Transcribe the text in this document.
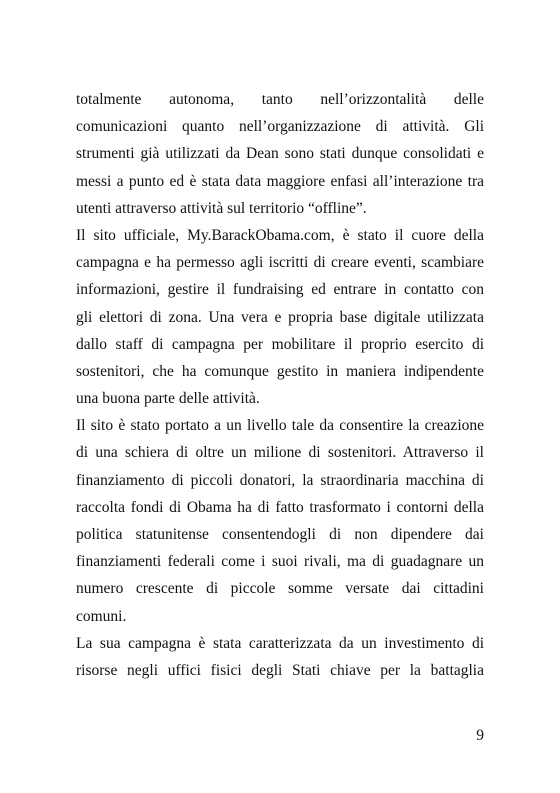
totalmente autonoma, tanto nell’orizzontalità delle
comunicazioni quanto nell’organizzazione di attività. Gli
strumenti già utilizzati da Dean sono stati dunque consolidati e
messi a punto ed è stata data maggiore enfasi all’interazione tra
utenti attraverso attività sul territorio “offline”.
Il sito ufficiale, My.BarackObama.com, è stato il cuore della
campagna e ha permesso agli iscritti di creare eventi, scambiare
informazioni, gestire il fundraising ed entrare in contatto con
gli elettori di zona. Una vera e propria base digitale utilizzata
dallo staff di campagna per mobilitare il proprio esercito di
sostenitori, che ha comunque gestito in maniera indipendente
una buona parte delle attività.
Il sito è stato portato a un livello tale da consentire la creazione
di una schiera di oltre un milione di sostenitori. Attraverso il
finanziamento di piccoli donatori, la straordinaria macchina di
raccolta fondi di Obama ha di fatto trasformato i contorni della
politica statunitense consentendogli di non dipendere dai
finanziamenti federali come i suoi rivali, ma di guadagnare un
numero crescente di piccole somme versate dai cittadini
comuni.
La sua campagna è stata caratterizzata da un investimento di
risorse negli uffici fisici degli Stati chiave per la battaglia
9
